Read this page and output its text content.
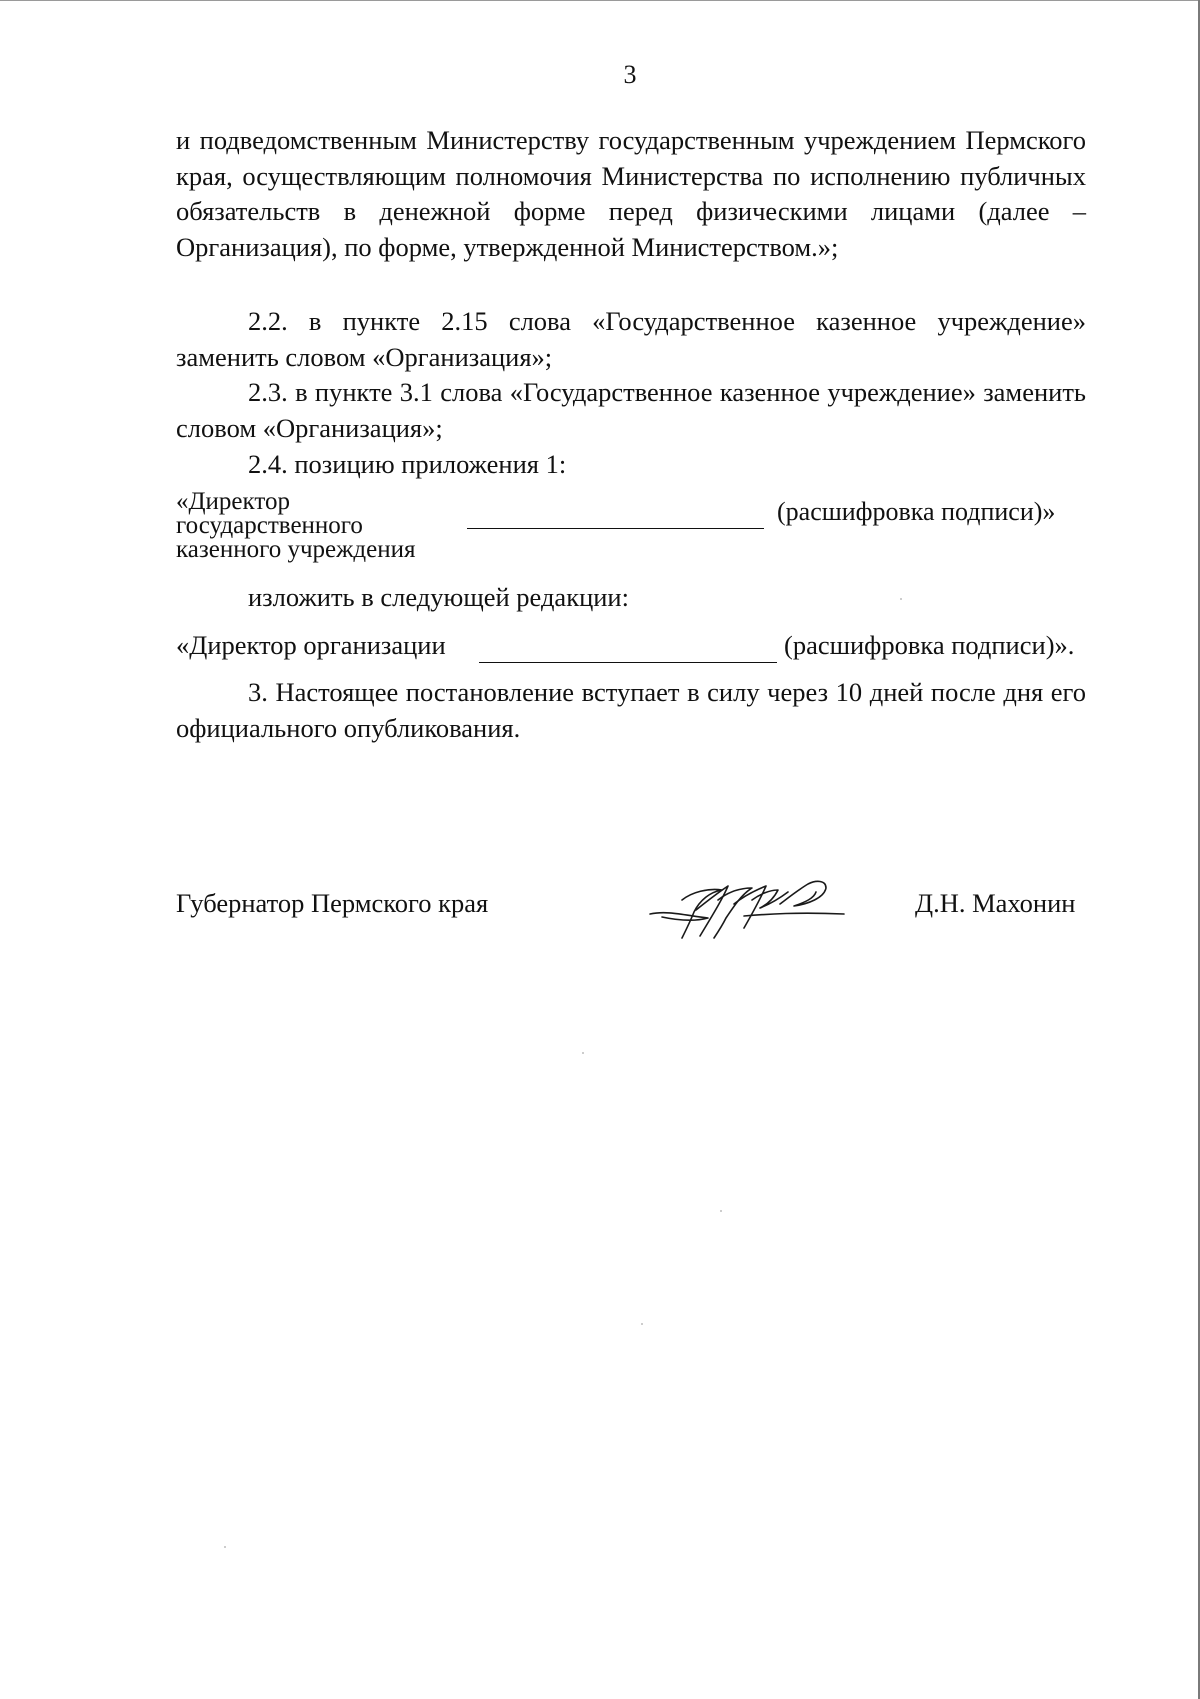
3

и подведомственным Министерству государственным учреждением Пермского края, осуществляющим полномочия Министерства по исполнению публичных обязательств в денежной форме перед физическими лицами (далее – Организация), по форме, утвержденной Министерством.»;

2.2. в пункте 2.15 слова «Государственное казенное учреждение» заменить словом «Организация»;

2.3. в пункте 3.1 слова «Государственное казенное учреждение» заменить словом «Организация»;

2.4. позицию приложения 1:

«Директор
государственного
казенного учреждения
(расшифровка подписи)»
изложить в следующей редакции:
«Директор организации	(расшифровка подписи)».

3. Настоящее постановление вступает в силу через 10 дней после дня его официального опубликования.

Губернатор Пермского края	Д.Н. Махонин
